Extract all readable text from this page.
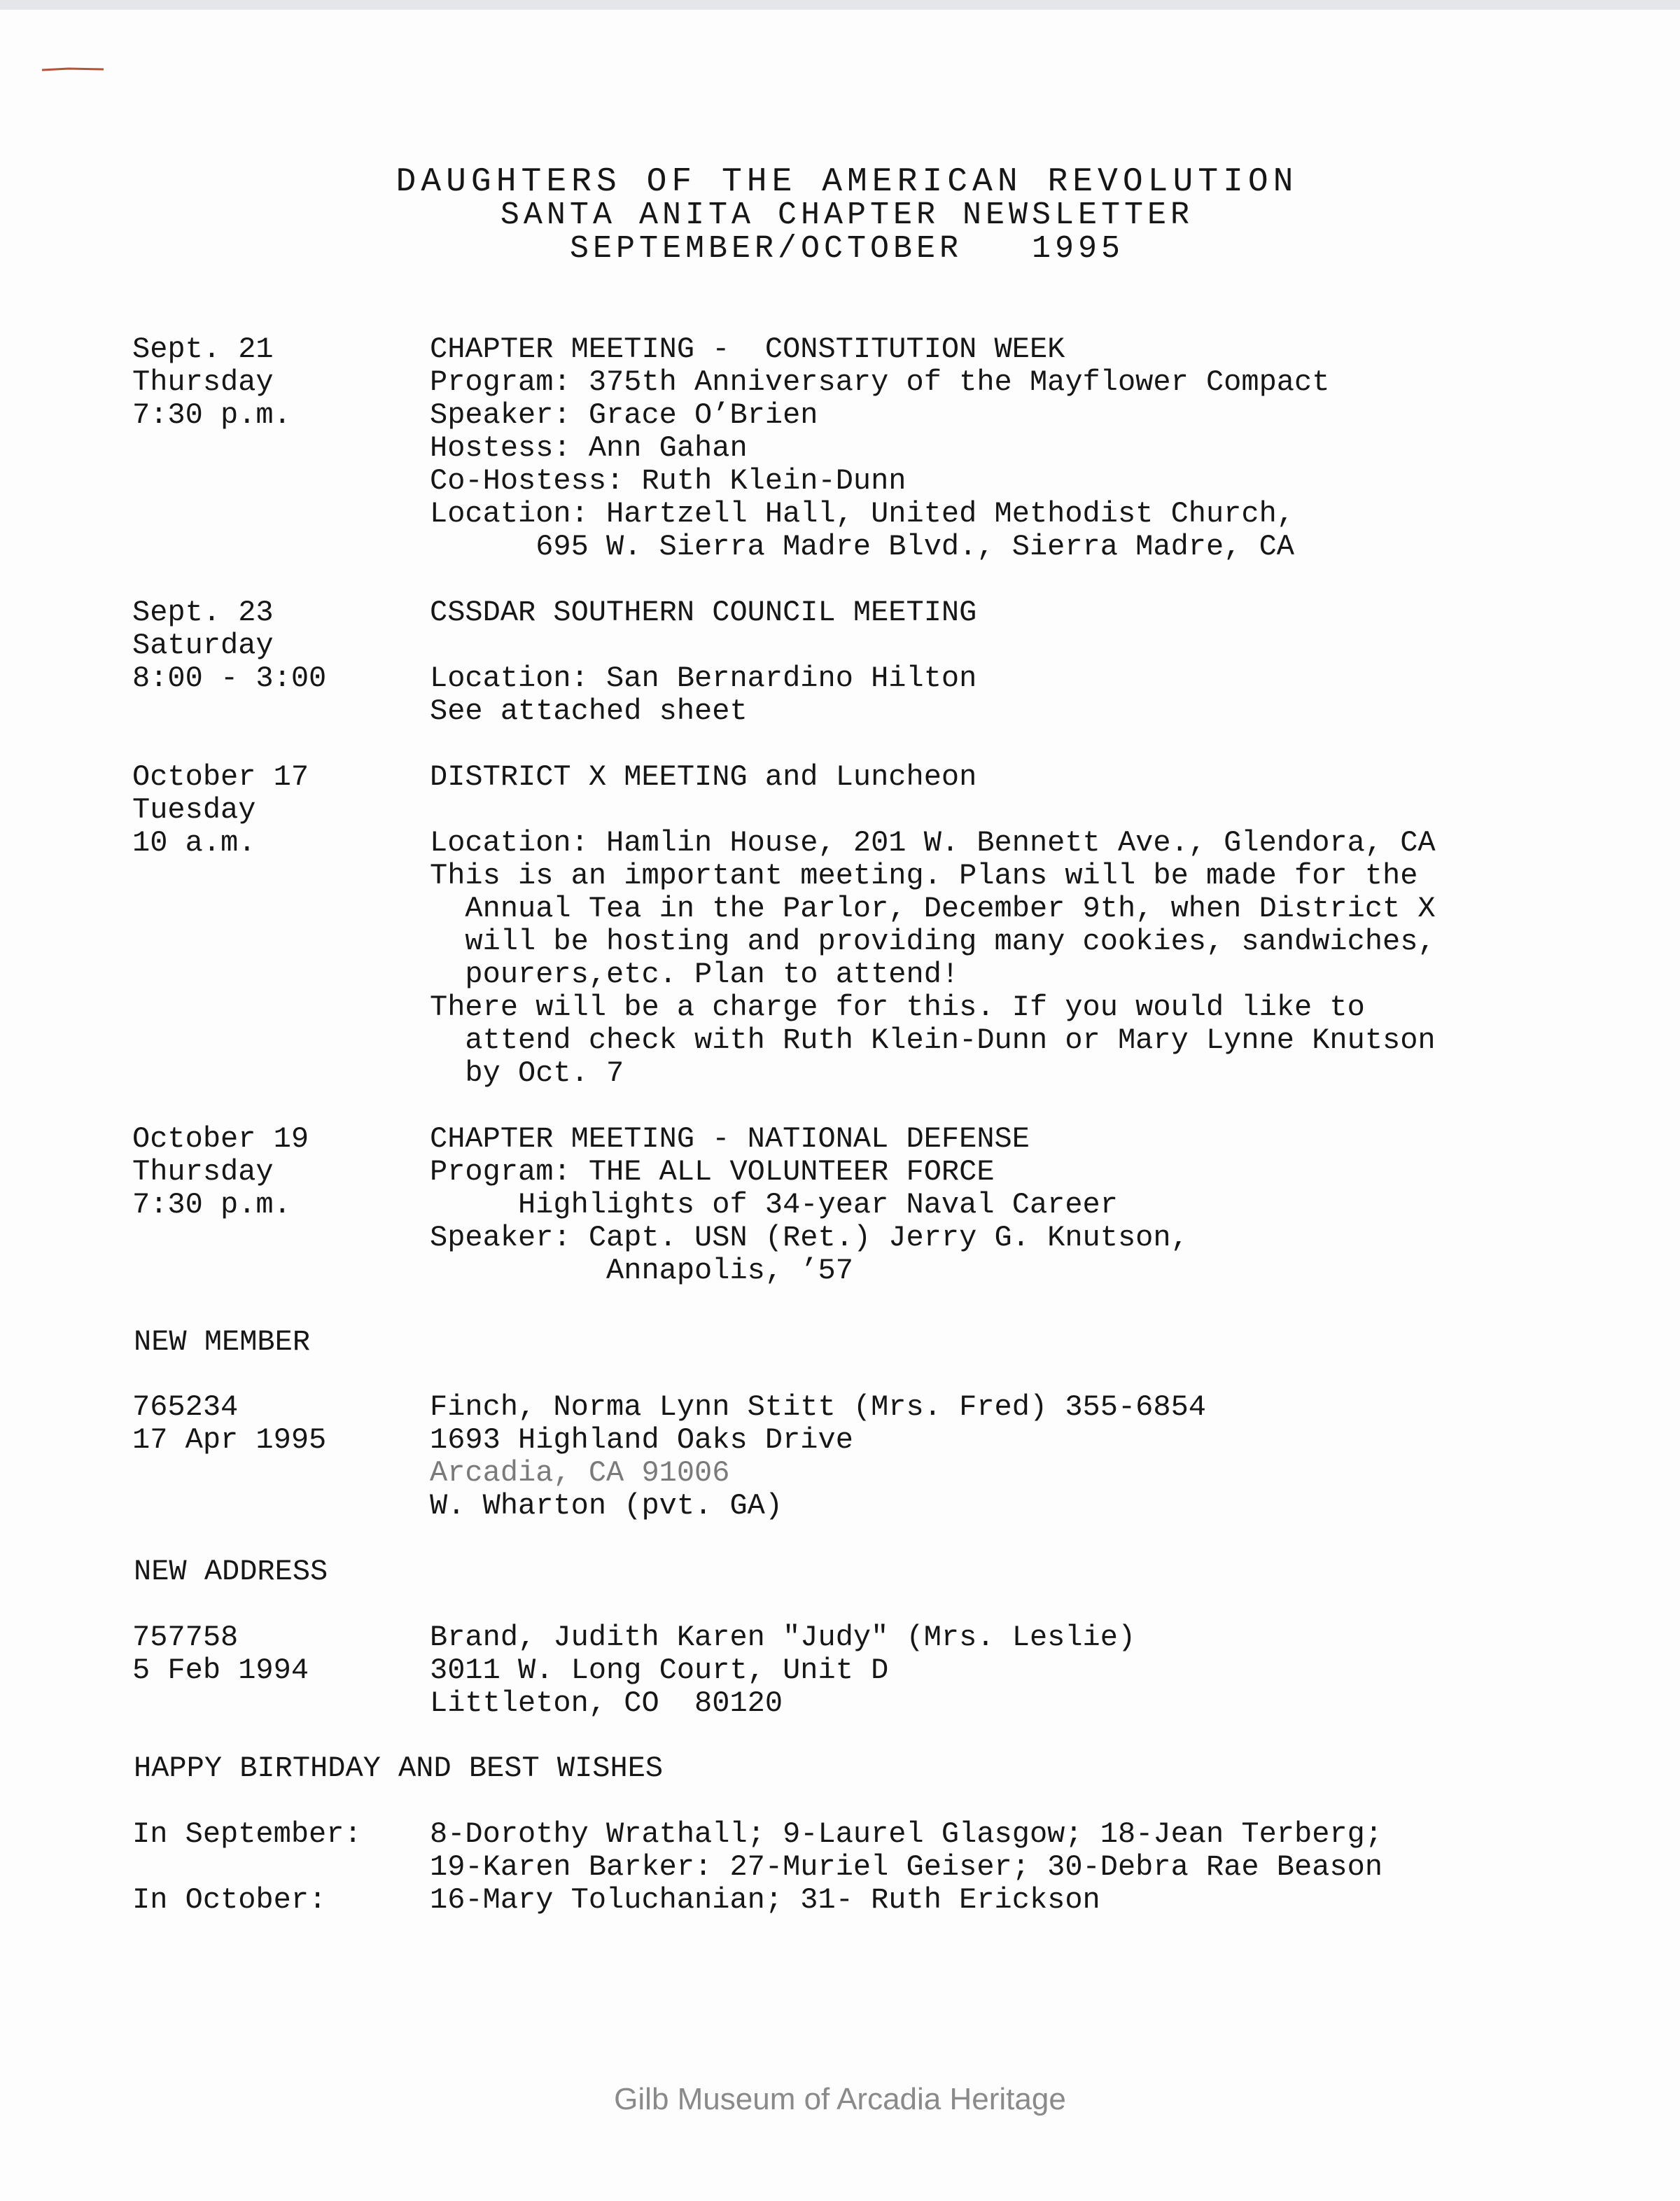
DAUGHTERS OF THE AMERICAN REVOLUTION
SANTA ANITA CHAPTER NEWSLETTER
SEPTEMBER/OCTOBER   1995
Sept. 21
Thursday
7:30 p.m.
CHAPTER MEETING -  CONSTITUTION WEEK
Program: 375th Anniversary of the Mayflower Compact
Speaker: Grace O’Brien
Hostess: Ann Gahan
Co-Hostess: Ruth Klein-Dunn
Location: Hartzell Hall, United Methodist Church,
695 W. Sierra Madre Blvd., Sierra Madre, CA
Sept. 23
Saturday
8:00 - 3:00
CSSDAR SOUTHERN COUNCIL MEETING
Location: San Bernardino Hilton
See attached sheet
October 17
Tuesday
10 a.m.
DISTRICT X MEETING and Luncheon
Location: Hamlin House, 201 W. Bennett Ave., Glendora, CA
This is an important meeting. Plans will be made for the
Annual Tea in the Parlor, December 9th, when District X
will be hosting and providing many cookies, sandwiches,
pourers,etc. Plan to attend!
There will be a charge for this. If you would like to
attend check with Ruth Klein-Dunn or Mary Lynne Knutson
by Oct. 7
October 19
Thursday
7:30 p.m.
CHAPTER MEETING - NATIONAL DEFENSE
Program: THE ALL VOLUNTEER FORCE
Highlights of 34-year Naval Career
Speaker: Capt. USN (Ret.) Jerry G. Knutson,
Annapolis, ’57
NEW MEMBER
765234
17 Apr 1995
Finch, Norma Lynn Stitt (Mrs. Fred) 355-6854
1693 Highland Oaks Drive
Arcadia, CA 91006
W. Wharton (pvt. GA)
NEW ADDRESS
757758
5 Feb 1994
Brand, Judith Karen "Judy" (Mrs. Leslie)
3011 W. Long Court, Unit D
Littleton, CO  80120
HAPPY BIRTHDAY AND BEST WISHES
In September: 8-Dorothy Wrathall; 9-Laurel Glasgow; 18-Jean Terberg;
19-Karen Barker: 27-Muriel Geiser; 30-Debra Rae Beason
In October:	16-Mary Toluchanian; 31- Ruth Erickson
Gilb Museum of Arcadia Heritage
